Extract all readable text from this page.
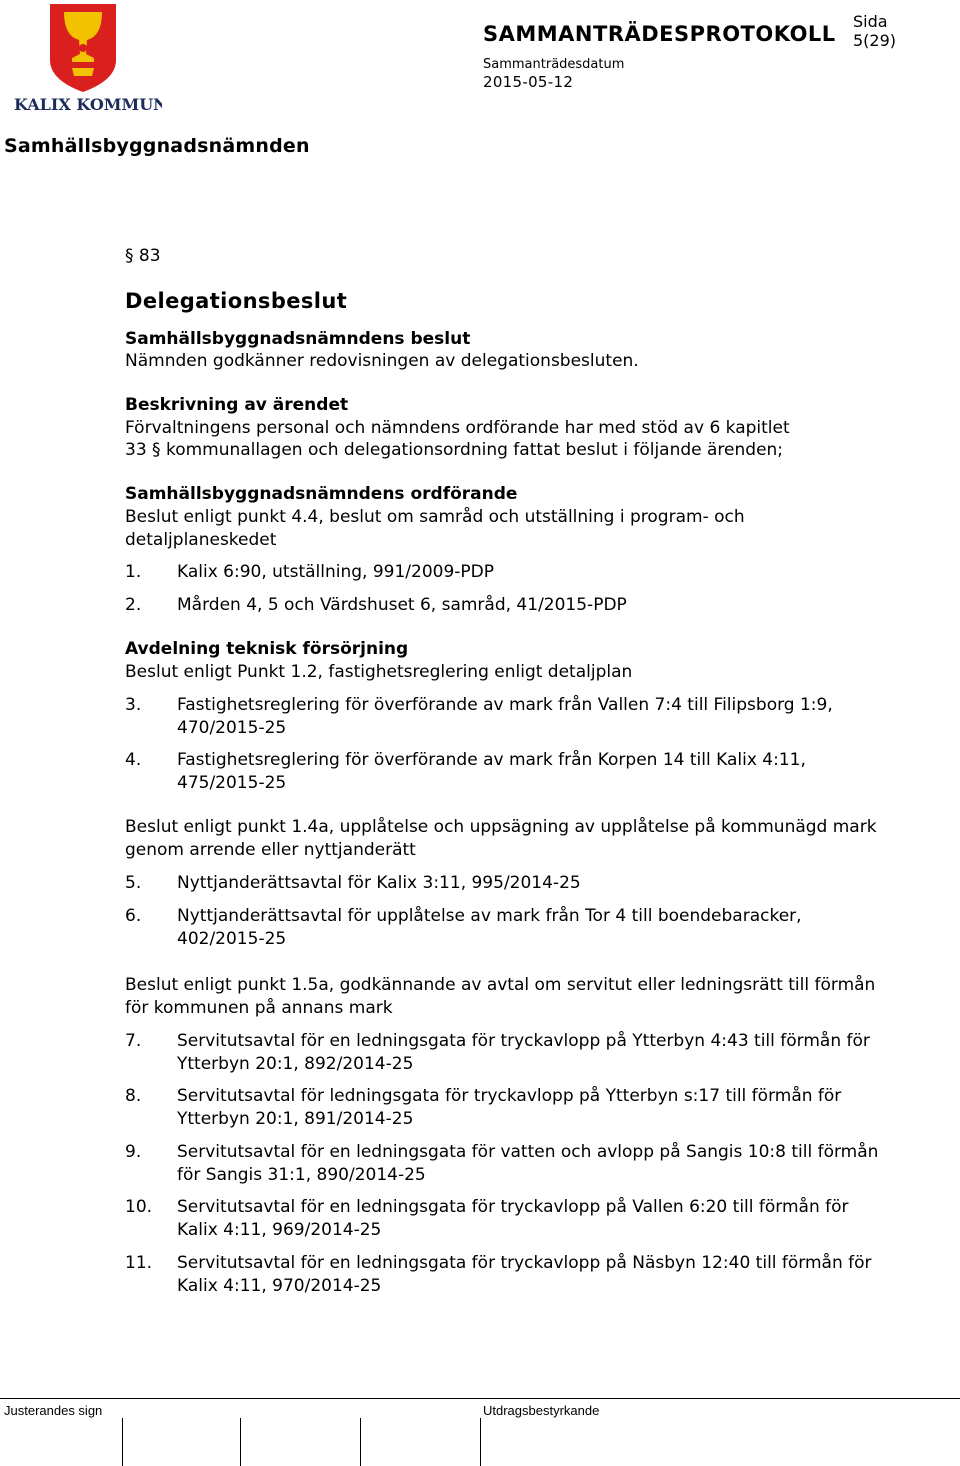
KALIX KOMMUN
SAMMANTRÄDESPROTOKOLL
Sida
5(29)
Sammanträdesdatum
2015-05-12
Samhällsbyggnadsnämnden
§ 83
Delegationsbeslut
Samhällsbyggnadsnämndens beslut
Nämnden godkänner redovisningen av delegationsbesluten.
Beskrivning av ärendet
Förvaltningens personal och nämndens ordförande har med stöd av 6 kapitlet
33 § kommunallagen och delegationsordning fattat beslut i följande ärenden;
Samhällsbyggnadsnämndens ordförande
Beslut enligt punkt 4.4, beslut om samråd och utställning i program- och detaljplaneskedet
1. Kalix 6:90, utställning, 991/2009-PDP
2. Mården 4, 5 och Värdshuset 6, samråd, 41/2015-PDP
Avdelning teknisk försörjning
Beslut enligt Punkt 1.2, fastighetsreglering enligt detaljplan
3. Fastighetsreglering för överförande av mark från Vallen 7:4 till Filipsborg 1:9, 470/2015-25
4. Fastighetsreglering för överförande av mark från Korpen 14 till Kalix 4:11, 475/2015-25
Beslut enligt punkt 1.4a, upplåtelse och uppsägning av upplåtelse på kommunägd mark genom arrende eller nyttjanderätt
5. Nyttjanderättsavtal för Kalix 3:11, 995/2014-25
6. Nyttjanderättsavtal för upplåtelse av mark från Tor 4 till boendebaracker, 402/2015-25
Beslut enligt punkt 1.5a, godkännande av avtal om servitut eller ledningsrätt till förmån för kommunen på annans mark
7. Servitutsavtal för en ledningsgata för tryckavlopp på Ytterbyn 4:43 till förmån för Ytterbyn 20:1, 892/2014-25
8. Servitutsavtal för ledningsgata för tryckavlopp på Ytterbyn s:17 till förmån för Ytterbyn 20:1, 891/2014-25
9. Servitutsavtal för en ledningsgata för vatten och avlopp på Sangis 10:8 till förmån för Sangis 31:1, 890/2014-25
10. Servitutsavtal för en ledningsgata för tryckavlopp på Vallen 6:20 till förmån för Kalix 4:11, 969/2014-25
11. Servitutsavtal för en ledningsgata för tryckavlopp på Näsbyn 12:40 till förmån för Kalix 4:11, 970/2014-25
Justerandes sign	Utdragsbestyrkande
